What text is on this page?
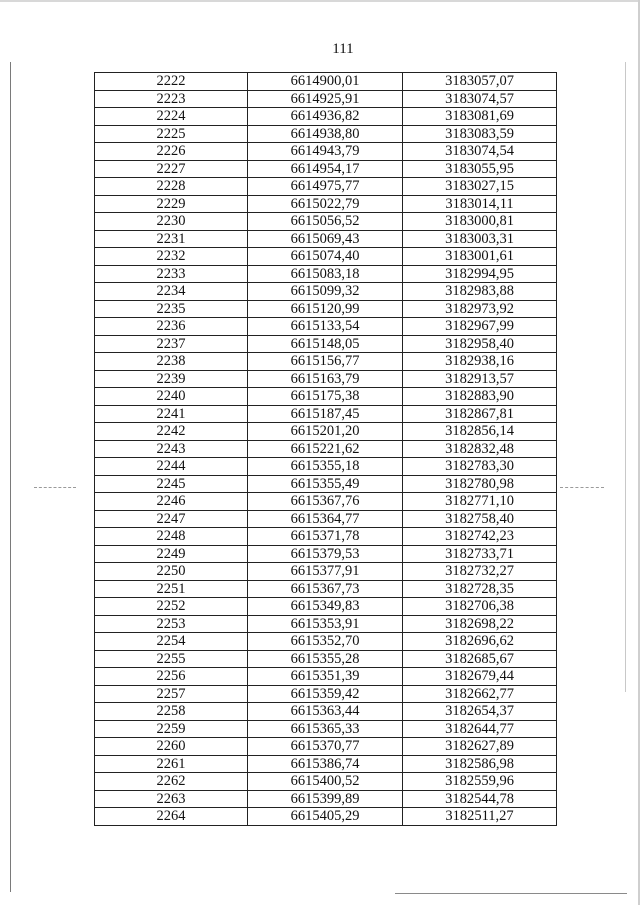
111
2222	6614900,01	3183057,07
2223	6614925,91	3183074,57
2224	6614936,82	3183081,69
2225	6614938,80	3183083,59
2226	6614943,79	3183074,54
2227	6614954,17	3183055,95
2228	6614975,77	3183027,15
2229	6615022,79	3183014,11
2230	6615056,52	3183000,81
2231	6615069,43	3183003,31
2232	6615074,40	3183001,61
2233	6615083,18	3182994,95
2234	6615099,32	3182983,88
2235	6615120,99	3182973,92
2236	6615133,54	3182967,99
2237	6615148,05	3182958,40
2238	6615156,77	3182938,16
2239	6615163,79	3182913,57
2240	6615175,38	3182883,90
2241	6615187,45	3182867,81
2242	6615201,20	3182856,14
2243	6615221,62	3182832,48
2244	6615355,18	3182783,30
2245	6615355,49	3182780,98
2246	6615367,76	3182771,10
2247	6615364,77	3182758,40
2248	6615371,78	3182742,23
2249	6615379,53	3182733,71
2250	6615377,91	3182732,27
2251	6615367,73	3182728,35
2252	6615349,83	3182706,38
2253	6615353,91	3182698,22
2254	6615352,70	3182696,62
2255	6615355,28	3182685,67
2256	6615351,39	3182679,44
2257	6615359,42	3182662,77
2258	6615363,44	3182654,37
2259	6615365,33	3182644,77
2260	6615370,77	3182627,89
2261	6615386,74	3182586,98
2262	6615400,52	3182559,96
2263	6615399,89	3182544,78
2264	6615405,29	3182511,27
